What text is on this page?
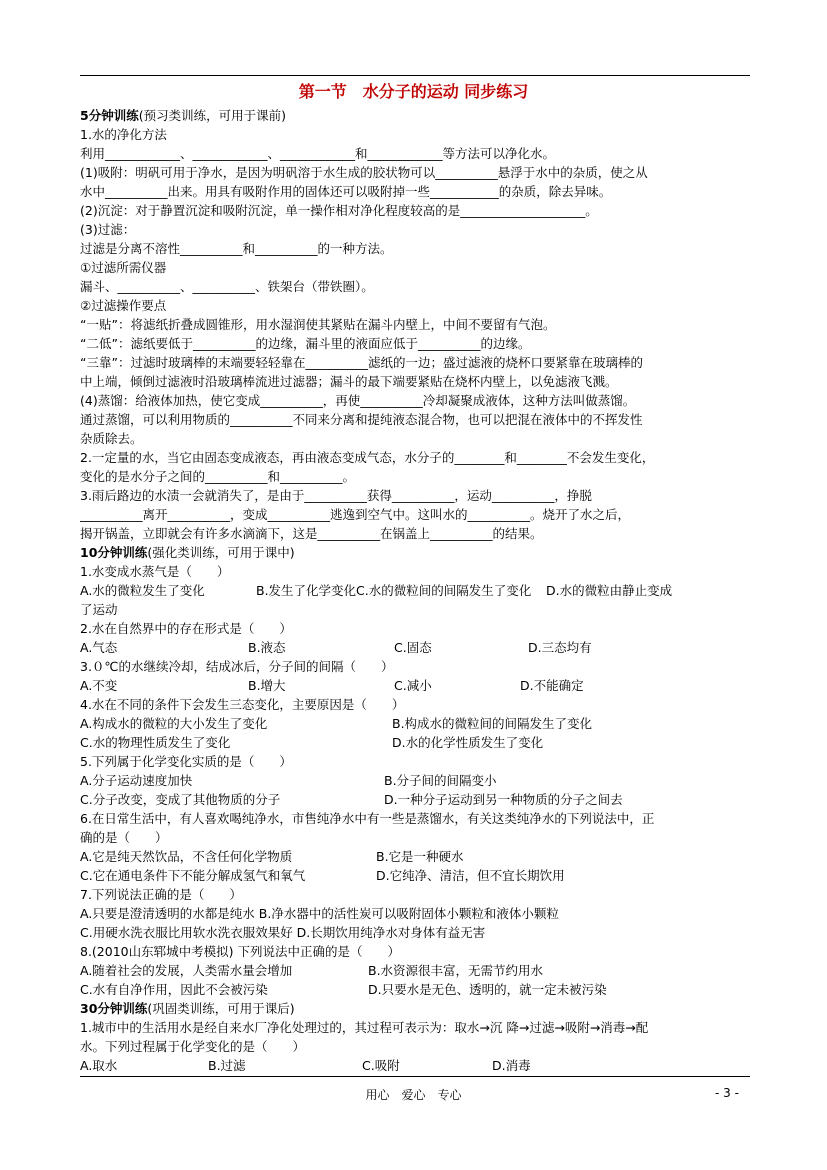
第一节　水分子的运动 同步练习
5分钟训练(预习类训练，可用于课前)
1.水的净化方法
利用____________、____________、____________和____________等方法可以净化水。
(1)吸附：明矾可用于净水，是因为明矾溶于水生成的胶状物可以__________悬浮于水中的杂质，使之从
水中__________出来。用具有吸附作用的固体还可以吸附掉一些___________的杂质，除去异味。
(2)沉淀：对于静置沉淀和吸附沉淀，单一操作相对净化程度较高的是____________________。
(3)过滤：
过滤是分离不溶性__________和__________的一种方法。
①过滤所需仪器
漏斗、__________、__________、铁架台（带铁圈）。
②过滤操作要点
“一贴”：将滤纸折叠成圆锥形，用水湿润使其紧贴在漏斗内壁上，中间不要留有气泡。
“二低”：滤纸要低于__________的边缘，漏斗里的液面应低于__________的边缘。
“三靠”：过滤时玻璃棒的末端要轻轻靠在__________滤纸的一边；盛过滤液的烧杯口要紧靠在玻璃棒的
中上端，倾倒过滤液时沿玻璃棒流进过滤器；漏斗的最下端要紧贴在烧杯内壁上，以免滤液飞溅。
(4)蒸馏：给液体加热，使它变成__________，再使__________冷却凝聚成液体，这种方法叫做蒸馏。
通过蒸馏，可以利用物质的__________不同来分离和提纯液态混合物，也可以把混在液体中的不挥发性
杂质除去。
2.一定量的水，当它由固态变成液态，再由液态变成气态，水分子的________和________不会发生变化，
变化的是水分子之间的__________和__________。
3.雨后路边的水渍一会就消失了，是由于__________获得__________，运动__________，挣脱
__________离开__________，变成__________逃逸到空气中。这叫水的__________。烧开了水之后，
揭开锅盖，立即就会有许多水滴滴下，这是__________在锅盖上__________的结果。
10分钟训练(强化类训练，可用于课中)
1.水变成水蒸气是（　　）
A.水的微粒发生了变化	B.发生了化学变化 C.水的微粒间的间隔发生了变化	D.水的微粒由静止变成
了运动
2.水在自然界中的存在形式是（　　）
A.气态	B.液态	C.固态	D.三态均有
3.０℃的水继续冷却，结成冰后，分子间的间隔（　　）
A.不变	B.增大	C.减小	D.不能确定
4.水在不同的条件下会发生三态变化，主要原因是（　　）
A.构成水的微粒的大小发生了变化	B.构成水的微粒间的间隔发生了变化
C.水的物理性质发生了变化	D.水的化学性质发生了变化
5.下列属于化学变化实质的是（　　）
A.分子运动速度加快	B.分子间的间隔变小
C.分子改变，变成了其他物质的分子	D.一种分子运动到另一种物质的分子之间去
6.在日常生活中，有人喜欢喝纯净水，市售纯净水中有一些是蒸馏水，有关这类纯净水的下列说法中，正
确的是（　　）
A.它是纯天然饮品，不含任何化学物质	B.它是一种硬水
C.它在通电条件下不能分解成氢气和氧气	D.它纯净、清洁，但不宜长期饮用
7.下列说法正确的是（　　）
A.只要是澄清透明的水都是纯水 B.净水器中的活性炭可以吸附固体小颗粒和液体小颗粒
C.用硬水洗衣服比用软水洗衣服效果好 D.长期饮用纯净水对身体有益无害
8.(2010山东郓城中考模拟) 下列说法中正确的是（　　）
A.随着社会的发展，人类需水量会增加	B.水资源很丰富，无需节约用水
C.水有自净作用，因此不会被污染	D.只要水是无色、透明的，就一定未被污染
30分钟训练(巩固类训练，可用于课后)
1.城市中的生活用水是经自来水厂净化处理过的，其过程可表示为：取水→沉 降→过滤→吸附→消毒→配
水。下列过程属于化学变化的是（　　）
A.取水	B.过滤	C.吸附	D.消毒
用心　爱心　专心	- 3 -
